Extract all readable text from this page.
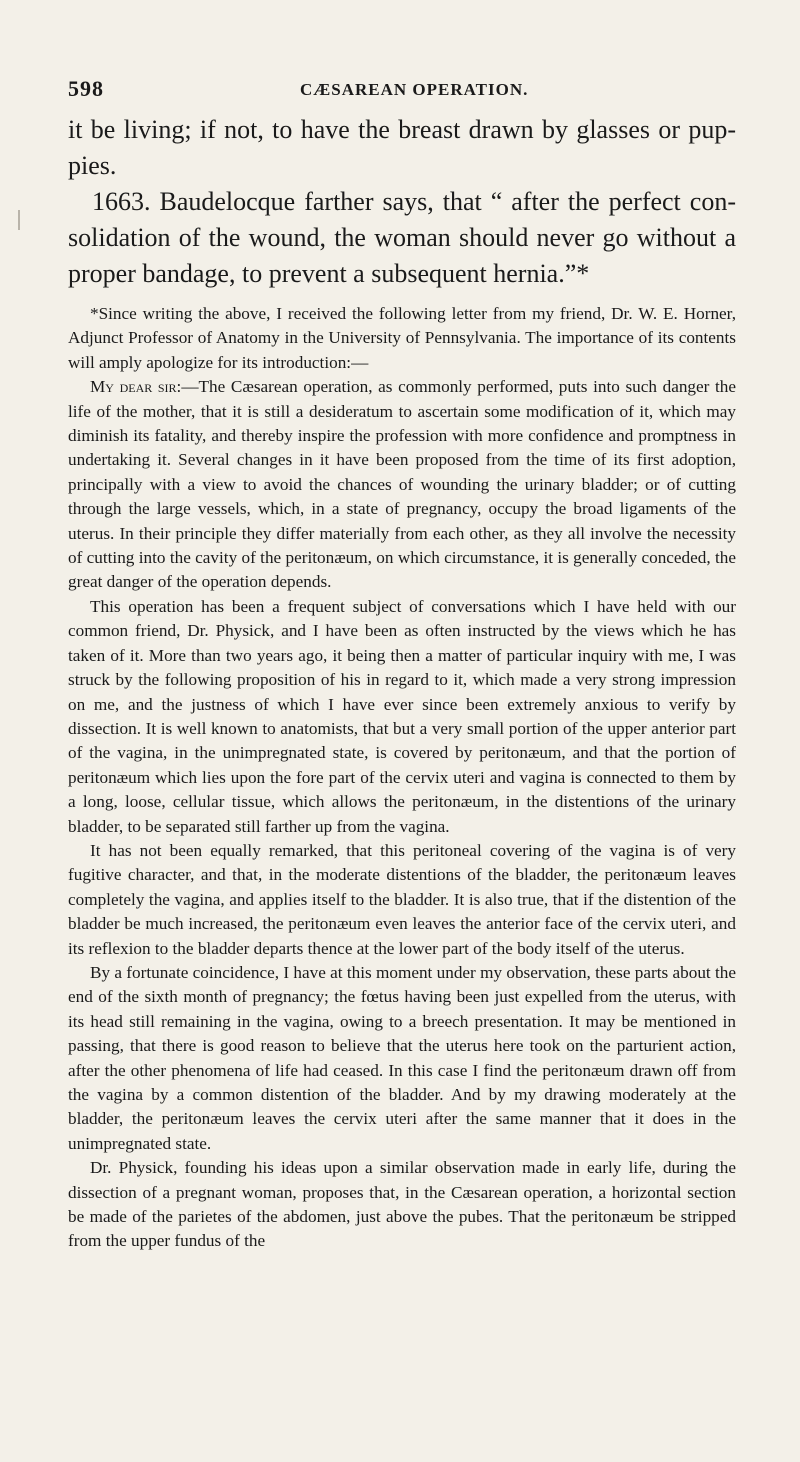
598	CÆSAREAN OPERATION.

it be living; if not, to have the breast drawn by glasses or puppies.

1663. Baudelocque farther says, that “ after the perfect consolidation of the wound, the woman should never go without a proper bandage, to prevent a subsequent hernia.”*

*Since writing the above, I received the following letter from my friend, Dr. W. E. Horner, Adjunct Professor of Anatomy in the University of Pennsylvania. The importance of its contents will amply apologize for its introduction:—

My dear sir:—The Cæsarean operation, as commonly performed, puts into such danger the life of the mother, that it is still a desideratum to ascertain some modification of it, which may diminish its fatality, and thereby inspire the profession with more confidence and promptness in undertaking it. Several changes in it have been proposed from the time of its first adoption, principally with a view to avoid the chances of wounding the urinary bladder; or of cutting through the large vessels, which, in a state of pregnancy, occupy the broad ligaments of the uterus. In their principle they differ materially from each other, as they all involve the necessity of cutting into the cavity of the peritonæum, on which circumstance, it is generally conceded, the great danger of the operation depends.

This operation has been a frequent subject of conversations which I have held with our common friend, Dr. Physick, and I have been as often instructed by the views which he has taken of it. More than two years ago, it being then a matter of particular inquiry with me, I was struck by the following proposition of his in regard to it, which made a very strong impression on me, and the justness of which I have ever since been extremely anxious to verify by dissection. It is well known to anatomists, that but a very small portion of the upper anterior part of the vagina, in the unimpregnated state, is covered by peritonæum, and that the portion of peritonæum which lies upon the fore part of the cervix uteri and vagina is connected to them by a long, loose, cellular tissue, which allows the peritonæum, in the distentions of the urinary bladder, to be separated still farther up from the vagina.

It has not been equally remarked, that this peritoneal covering of the vagina is of very fugitive character, and that, in the moderate distentions of the bladder, the peritonæum leaves completely the vagina, and applies itself to the bladder. It is also true, that if the distention of the bladder be much increased, the peritonæum even leaves the anterior face of the cervix uteri, and its reflexion to the bladder departs thence at the lower part of the body itself of the uterus.

By a fortunate coincidence, I have at this moment under my observation, these parts about the end of the sixth month of pregnancy; the fœtus having been just expelled from the uterus, with its head still remaining in the vagina, owing to a breech presentation. It may be mentioned in passing, that there is good reason to believe that the uterus here took on the parturient action, after the other phenomena of life had ceased. In this case I find the peritonæum drawn off from the vagina by a common distention of the bladder. And by my drawing moderately at the bladder, the peritonæum leaves the cervix uteri after the same manner that it does in the unimpregnated state.

Dr. Physick, founding his ideas upon a similar observation made in early life, during the dissection of a pregnant woman, proposes that, in the Cæsarean operation, a horizontal section be made of the parietes of the abdomen, just above the pubes. That the peritonæum be stripped from the upper fundus of the
